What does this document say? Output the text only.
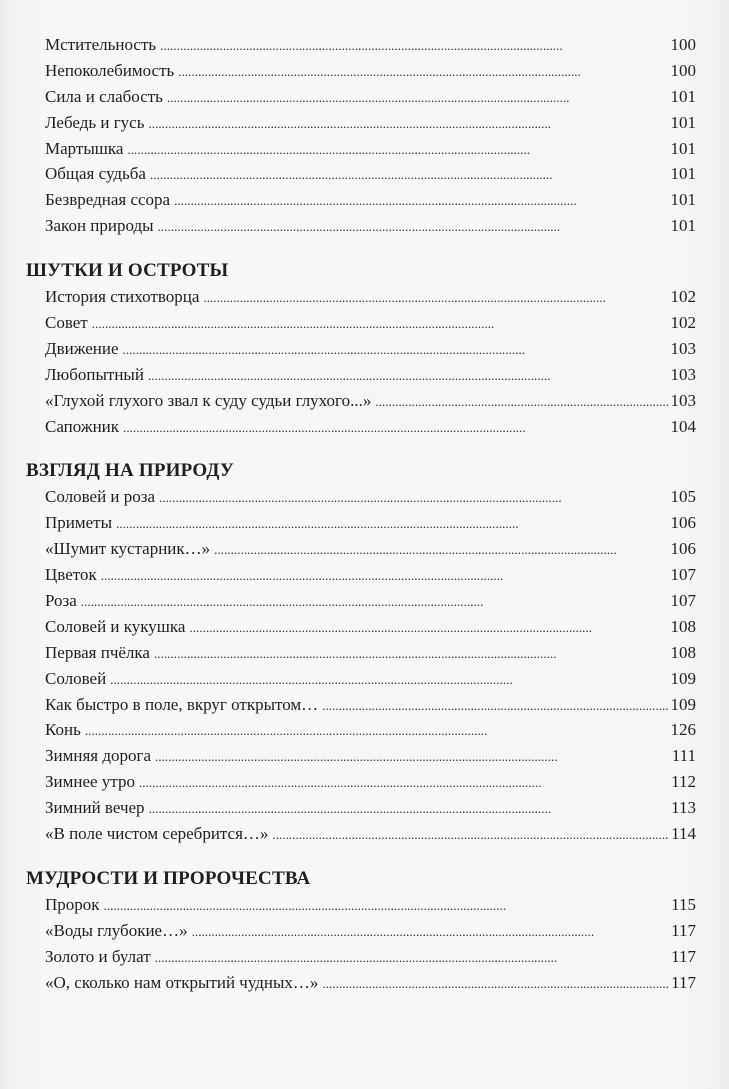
Мстительность . . .	100
Непоколебимость . . .	100
Сила и слабость . . .	101
Лебедь и гусь . . .	101
Мартышка . . .	101
Общая судьба . . .	101
Безвредная ссора . . .	101
Закон природы . . .	101
ШУТКИ И ОСТРОТЫ
История стихотворца . . .	102
Совет . . .	102
Движение . . .	103
Любопытный . . .	103
«Глухой глухого звал к суду судьи глухого...» . . .	103
Сапожник . . .	104
ВЗГЛЯД НА ПРИРОДУ
Соловей и роза . . .	105
Приметы . . .	106
«Шумит кустарник…» . . .	106
Цветок . . .	107
Роза . . .	107
Соловей и кукушка . . .	108
Первая пчёлка . . .	108
Соловей . . .	109
Как быстро в поле, вкруг открытом… . . .	109
Конь . . .	126
Зимняя дорога . . .	111
Зимнее утро . . .	112
Зимний вечер . . .	113
«В поле чистом серебрится…» . . .	114
МУДРОСТИ И ПРОРОЧЕСТВА
Пророк . . .	115
«Воды глубокие…» . . .	117
Золото и булат . . .	117
«О, сколько нам открытий чудных…» . . .	117
